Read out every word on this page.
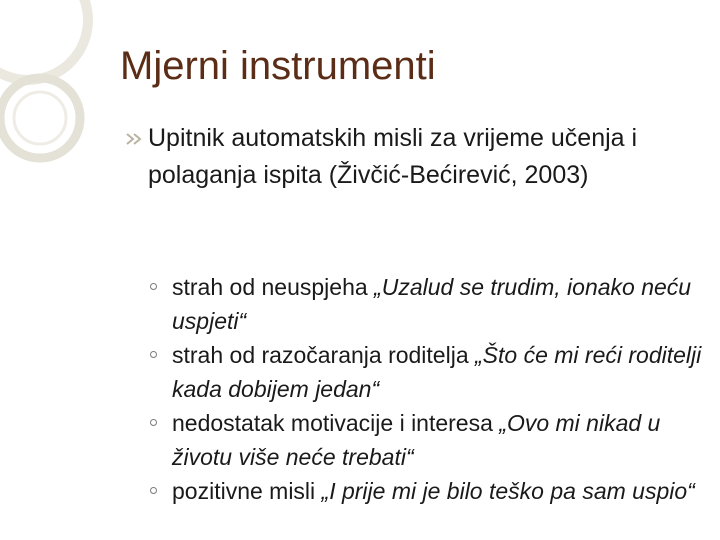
Mjerni instrumenti
Upitnik automatskih misli za vrijeme učenja i polaganja ispita (Živčić-Bećirević, 2003)
strah od neuspjeha „Uzalud se trudim, ionako neću uspjeti“
strah od razočaranja roditelja „Što će mi reći roditelji kada dobijem jedan“
nedostatak motivacije i interesa „Ovo mi nikad u životu više neće trebati“
pozitivne misli „I prije mi je bilo teško pa sam uspio“
